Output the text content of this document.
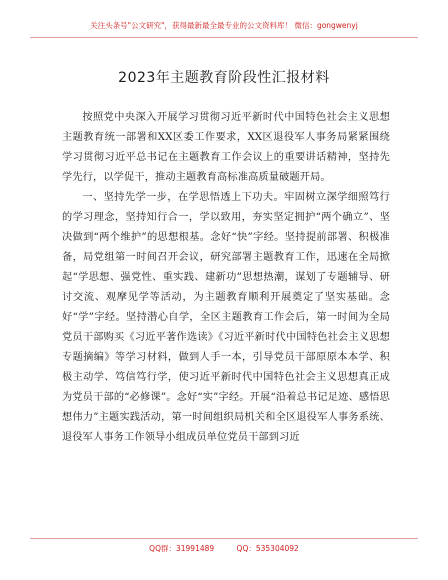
关注头条号"公文研究"，获得最新最全最专业的公文资料库！ 微信：gongwenyj
2023年主题教育阶段性汇报材料

按照党中央深入开展学习贯彻习近平新时代中国特色社会主义思想主题教育统一部署和XX区委工作要求，XX区退役军人事务局紧紧围绕学习贯彻习近平总书记在主题教育工作会议上的重要讲话精神，坚持先学先行，以学促干，推动主题教育高标准高质量破题开局。

一、坚持先学一步，在学思悟透上下功夫。牢固树立深学细照笃行的学习理念，坚持知行合一，学以致用，夯实坚定拥护“两个确立”、坚决做到“两个维护”的思想根基。念好“快”字经。坚持提前部署、积极准备，局党组第一时间召开会议，研究部署主题教育工作，迅速在全局掀起“学思想、强党性、重实践、建新功”思想热潮，谋划了专题辅导、研讨交流、观摩见学等活动，为主题教育顺利开展奠定了坚实基础。念好“学”字经。坚持潜心自学，全区主题教育工作会后，第一时间为全局党员干部购买《习近平著作选读》《习近平新时代中国特色社会主义思想专题摘编》等学习材料，做到人手一本，引导党员干部原原本本学、积极主动学、笃信笃行学，使习近平新时代中国特色社会主义思想真正成为党员干部的“必修课”。念好“实”字经。开展“沿着总书记足迹、感悟思想伟力”主题实践活动，第一时间组织局机关和全区退役军人事务系统、退役军人事务工作领导小组成员单位党员干部到习近

QQ群：31991489	QQ：535304092
